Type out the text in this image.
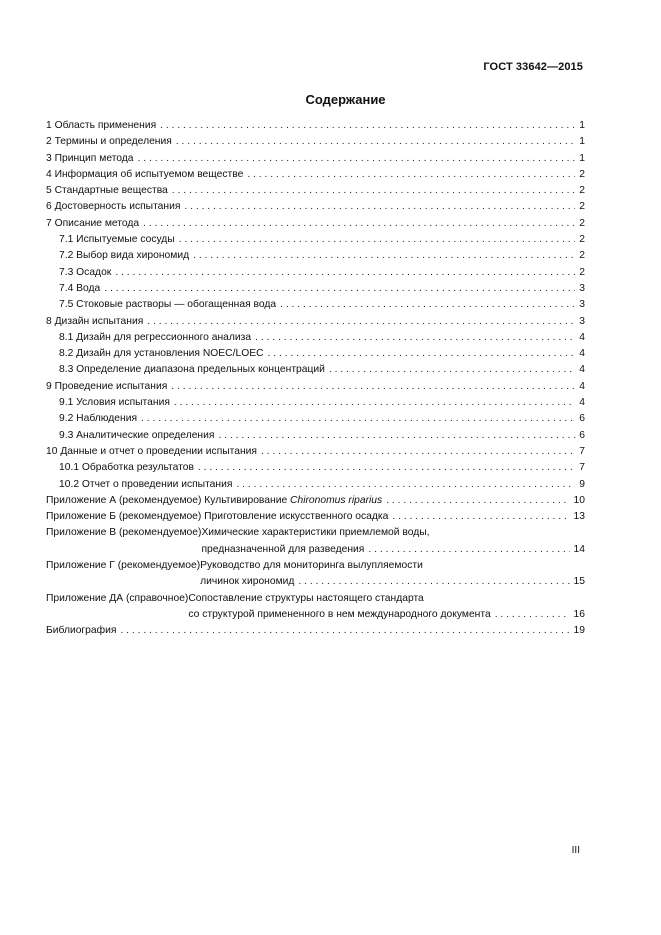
ГОСТ 33642—2015
Содержание
1 Область применения . . .	1
2 Термины и определения . . .	1
3 Принцип метода . . .	1
4 Информация об испытуемом веществе . . .	2
5 Стандартные вещества . . .	2
6 Достоверность испытания . . .	2
7 Описание метода . . .	2
7.1 Испытуемые сосуды . . .	2
7.2 Выбор вида хирономид . . .	2
7.3 Осадок . . .	2
7.4 Вода . . .	3
7.5 Стоковые растворы — обогащенная вода . . .	3
8 Дизайн испытания . . .	3
8.1 Дизайн для регрессионного анализа . . .	4
8.2 Дизайн для установления NOEC/LOEC . . .	4
8.3 Определение диапазона предельных концентраций . . .	4
9 Проведение испытания . . .	4
9.1 Условия испытания . . .	4
9.2 Наблюдения . . .	6
9.3 Аналитические определения . . .	6
10 Данные и отчет о проведении испытания . . .	7
10.1 Обработка результатов . . .	7
10.2 Отчет о проведении испытания . . .	9
Приложение А (рекомендуемое) Культивирование Chironomus riparius . . .	10
Приложение Б (рекомендуемое) Приготовление искусственного осадка . . .	13
Приложение В (рекомендуемое) Химические характеристики приемлемой воды,
предназначенной для разведения . . .	14
Приложение Г (рекомендуемое) Руководство для мониторинга вылупляемости
личинок хирономид . . .	15
Приложение ДА (справочное) Сопоставление структуры настоящего стандарта
со структурой примененного в нем международного документа . . .	16
Библиография . . .	19
III
